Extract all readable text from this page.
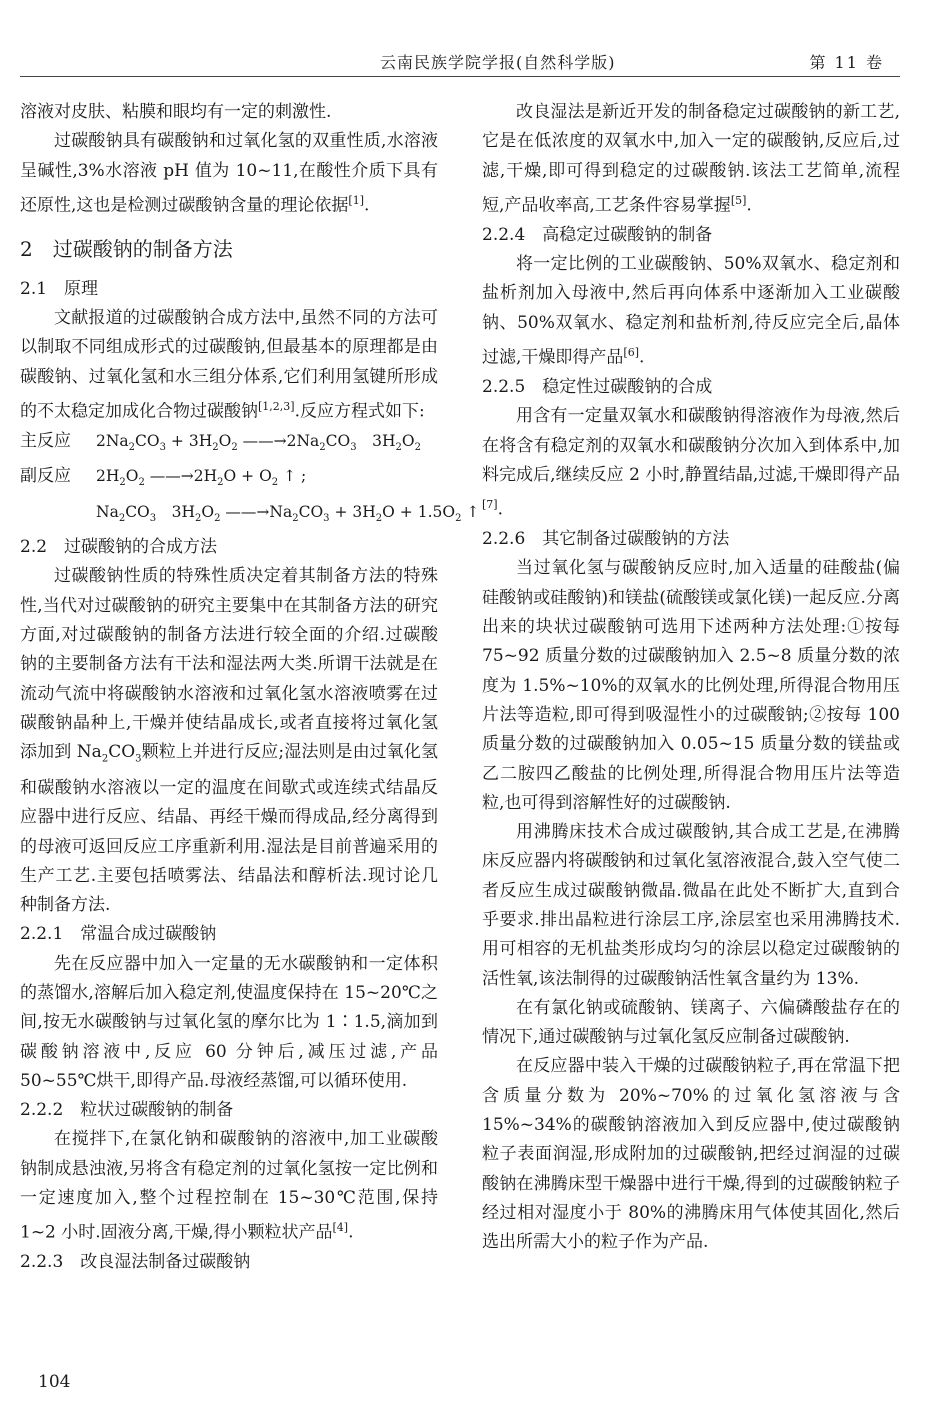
云南民族学院学报(自然科学版)	第 11 卷

溶液对皮肤、粘膜和眼均有一定的刺激性.

过碳酸钠具有碳酸钠和过氧化氢的双重性质,水溶液呈碱性,3%水溶液 pH 值为 10~11,在酸性介质下具有还原性,这也是检测过碳酸钠含量的理论依据[1].

2　过碳酸钠的制备方法
2.1　原理

文献报道的过碳酸钠合成方法中,虽然不同的方法可以制取不同组成形式的过碳酸钠,但最基本的原理都是由碳酸钠、过氧化氢和水三组分体系,它们利用氢键所形成的不太稳定加成化合物过碳酸钠[1,2,3].反应方程式如下:

主反应	$2Na_2CO_3 + 3H_2O_2$ $——\to 2Na_2CO_3$　$3H_2O_2$
副反应	$2H_2O_2$ $——\to 2H_2O + O_2$ ↑ ;
$Na_2CO_3$　$3H_2O_2$ $——\to Na_2CO_3 + 3H_2O + 1.5O_2$ ↑
2.2　过碳酸钠的合成方法

过碳酸钠性质的特殊性质决定着其制备方法的特殊性,当代对过碳酸钠的研究主要集中在其制备方法的研究方面,对过碳酸钠的制备方法进行较全面的介绍.过碳酸钠的主要制备方法有干法和湿法两大类.所谓干法就是在流动气流中将碳酸钠水溶液和过氧化氢水溶液喷雾在过碳酸钠晶种上,干燥并使结晶成长,或者直接将过氧化氢添加到 $Na_2CO_3$颗粒上并进行反应;湿法则是由过氧化氢和碳酸钠水溶液以一定的温度在间歇式或连续式结晶反应器中进行反应、结晶、再经干燥而得成品,经分离得到的母液可返回反应工序重新利用.湿法是目前普遍采用的生产工艺.主要包括喷雾法、结晶法和醇析法.现讨论几种制备方法.

2.2.1　常温合成过碳酸钠

先在反应器中加入一定量的无水碳酸钠和一定体积的蒸馏水,溶解后加入稳定剂,使温度保持在 15~20℃之间,按无水碳酸钠与过氧化氢的摩尔比为 1∶1.5,滴加到碳酸钠溶液中,反应 60 分钟后,减压过滤,产品 50~55℃烘干,即得产品.母液经蒸馏,可以循环使用.

2.2.2　粒状过碳酸钠的制备

在搅拌下,在氯化钠和碳酸钠的溶液中,加工业碳酸钠制成悬浊液,另将含有稳定剂的过氧化氢按一定比例和一定速度加入,整个过程控制在 15~30℃范围,保持 1~2 小时.固液分离,干燥,得小颗粒状产品[4].

2.2.3　改良湿法制备过碳酸钠

改良湿法是新近开发的制备稳定过碳酸钠的新工艺,它是在低浓度的双氧水中,加入一定的碳酸钠,反应后,过滤,干燥,即可得到稳定的过碳酸钠.该法工艺简单,流程短,产品收率高,工艺条件容易掌握[5].

2.2.4　高稳定过碳酸钠的制备

将一定比例的工业碳酸钠、50%双氧水、稳定剂和盐析剂加入母液中,然后再向体系中逐渐加入工业碳酸钠、50%双氧水、稳定剂和盐析剂,待反应完全后,晶体过滤,干燥即得产品[6].

2.2.5　稳定性过碳酸钠的合成

用含有一定量双氧水和碳酸钠得溶液作为母液,然后在将含有稳定剂的双氧水和碳酸钠分次加入到体系中,加料完成后,继续反应 2 小时,静置结晶,过滤,干燥即得产品[7].

2.2.6　其它制备过碳酸钠的方法

当过氧化氢与碳酸钠反应时,加入适量的硅酸盐(偏硅酸钠或硅酸钠)和镁盐(硫酸镁或氯化镁)一起反应.分离出来的块状过碳酸钠可选用下述两种方法处理:①按每 75~92 质量分数的过碳酸钠加入 2.5~8 质量分数的浓度为 1.5%~10%的双氧水的比例处理,所得混合物用压片法等造粒,即可得到吸湿性小的过碳酸钠;②按每 100 质量分数的过碳酸钠加入 0.05~15 质量分数的镁盐或乙二胺四乙酸盐的比例处理,所得混合物用压片法等造粒,也可得到溶解性好的过碳酸钠.

用沸腾床技术合成过碳酸钠,其合成工艺是,在沸腾床反应器内将碳酸钠和过氧化氢溶液混合,鼓入空气使二者反应生成过碳酸钠微晶.微晶在此处不断扩大,直到合乎要求.排出晶粒进行涂层工序,涂层室也采用沸腾技术.用可相容的无机盐类形成均匀的涂层以稳定过碳酸钠的活性氧,该法制得的过碳酸钠活性氧含量约为 13%.

在有氯化钠或硫酸钠、镁离子、六偏磷酸盐存在的情况下,通过碳酸钠与过氧化氢反应制备过碳酸钠.

在反应器中装入干燥的过碳酸钠粒子,再在常温下把含质量分数为 20%~70%的过氧化氢溶液与含 15%~34%的碳酸钠溶液加入到反应器中,使过碳酸钠粒子表面润湿,形成附加的过碳酸钠,把经过润湿的过碳酸钠在沸腾床型干燥器中进行干燥,得到的过碳酸钠粒子经过相对湿度小于 80%的沸腾床用气体使其固化,然后选出所需大小的粒子作为产品.

104
